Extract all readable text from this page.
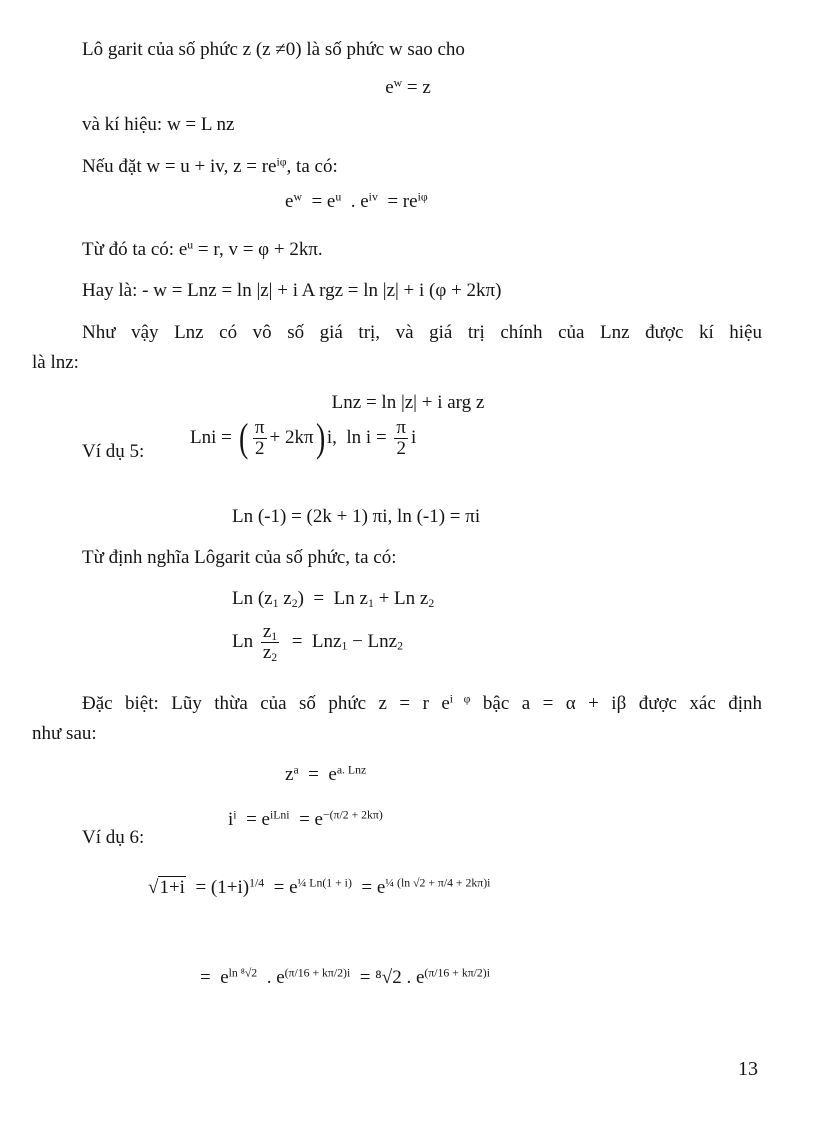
Lô garit của số phức z (z ≠0) là số phức w sao cho
$e^w = z$
và kí hiệu: w = L nz
Nếu đặt w = u + iv, $z = re^{i\varphi}$, ta có:
$e^w = e^u$  . $e^{iv} = re^{i\varphi}$
Từ đó ta có: $e^u = r$, v = φ + 2kπ.
Hay là: - w = Lnz = ln |z| + i A rgz = ln |z| + i (φ + 2kπ)
Như vậy Lnz có vô số giá trị, và giá trị chính của Lnz được kí hiệu
là lnz:
Lnz = ln |z| + i arg z
Ví dụ 5:
Lni = ( $\frac{\pi}{2} + 2k\pi$) i,  $\ln i = \frac{\pi}{2}$ i
Ln (-1) = (2k + 1) πi, ln (-1) = πi
Từ định nghĩa Lôgarit của số phức, ta có:
Ln ($z_1$ $z_2) = Ln$ $z_1 + Ln$ $z_2$
Ln $\frac{z_1}{z_2} = Lnz_1 - Lnz_2$
Đặc biệt: Lũy thừa của số phức z = r $e^{i \varphi}$ bậc a = α + iβ được xác định
như sau:
$z^a = e^{a. Lnz}$
Ví dụ 6:
$i^i = e^{iLni} = e^{-(\pi/2 + 2k\pi)}$
$√1+i = (1+i)^{1/4} = e^{\frac{1}{4} Ln(1 + i)} = e^{\frac{1}{4} (ln √2 + \pi/4 + 2k\pi)i}$
=  $e^{ln ^8√2}$  . $e^{(\pi/16 + k\pi/2)i} = ^8√2$ . $e^{(\pi/16 + k\pi/2)i}$
13
